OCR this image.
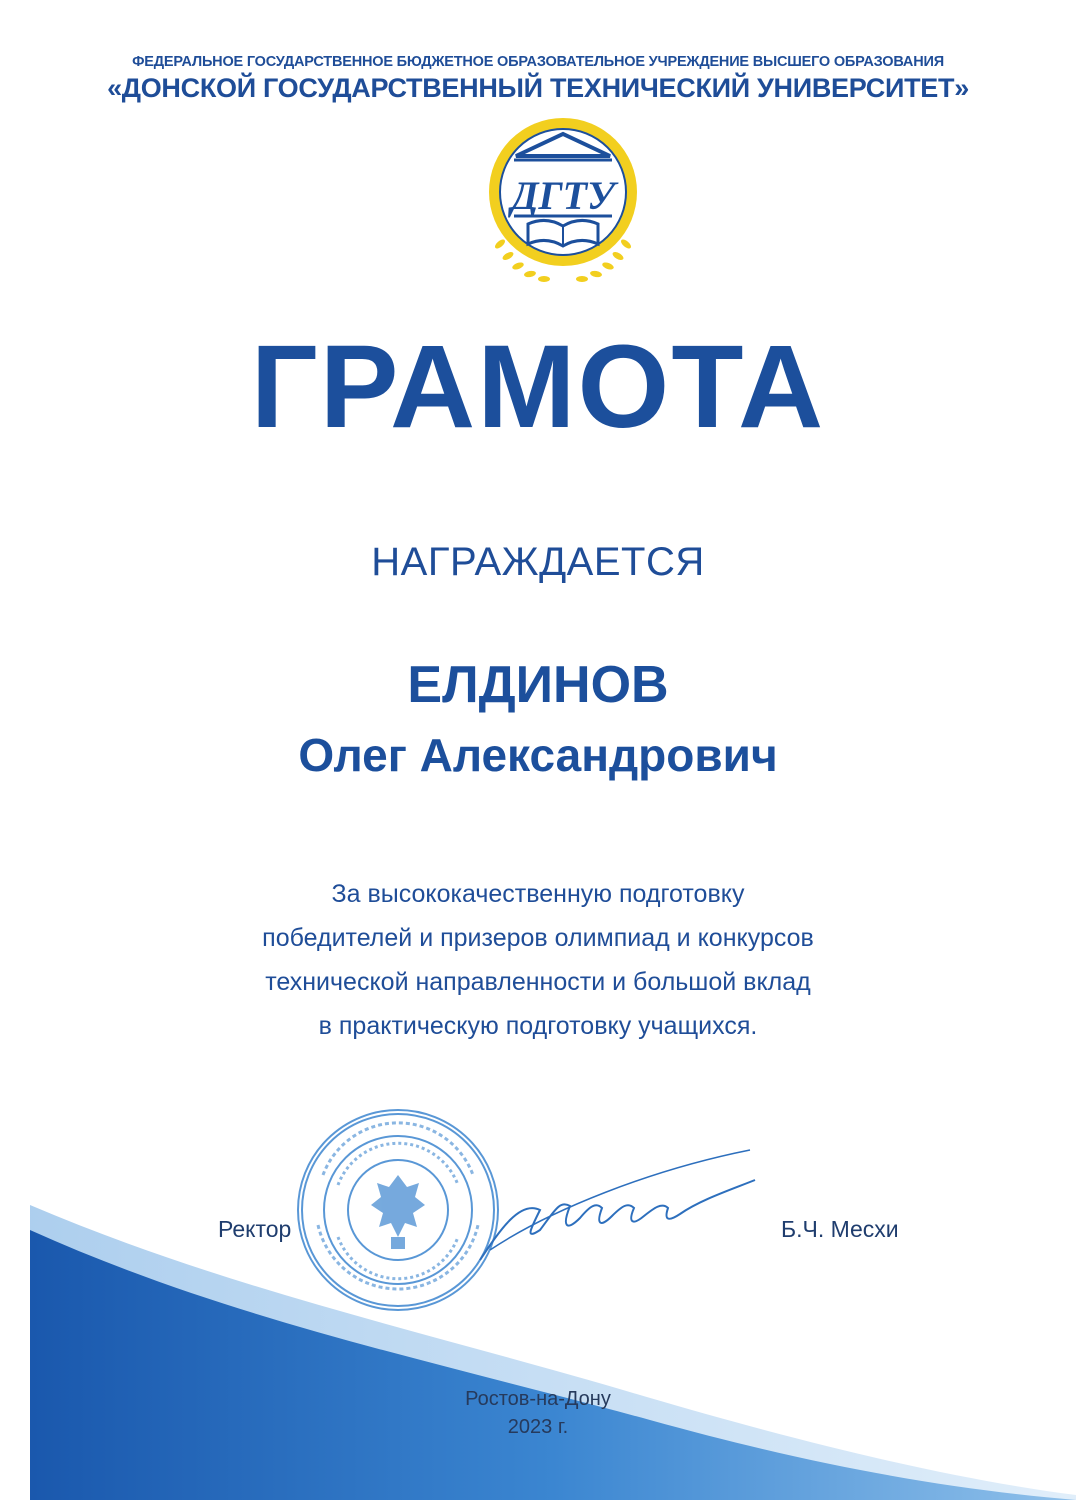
ФЕДЕРАЛЬНОЕ ГОСУДАРСТВЕННОЕ БЮДЖЕТНОЕ ОБРАЗОВАТЕЛЬНОЕ УЧРЕЖДЕНИЕ ВЫСШЕГО ОБРАЗОВАНИЯ
«ДОНСКОЙ ГОСУДАРСТВЕННЫЙ ТЕХНИЧЕСКИЙ УНИВЕРСИТЕТ»
ДГТУ
ГРАМОТА
НАГРАЖДАЕТСЯ
ЕЛДИНОВ
Олег Александрович
За высококачественную подготовку
победителей и призеров олимпиад и конкурсов
технической направленности и большой вклад
в практическую подготовку учащихся.
Ректор	Б.Ч. Месхи
Ростов-на-Дону
2023 г.
